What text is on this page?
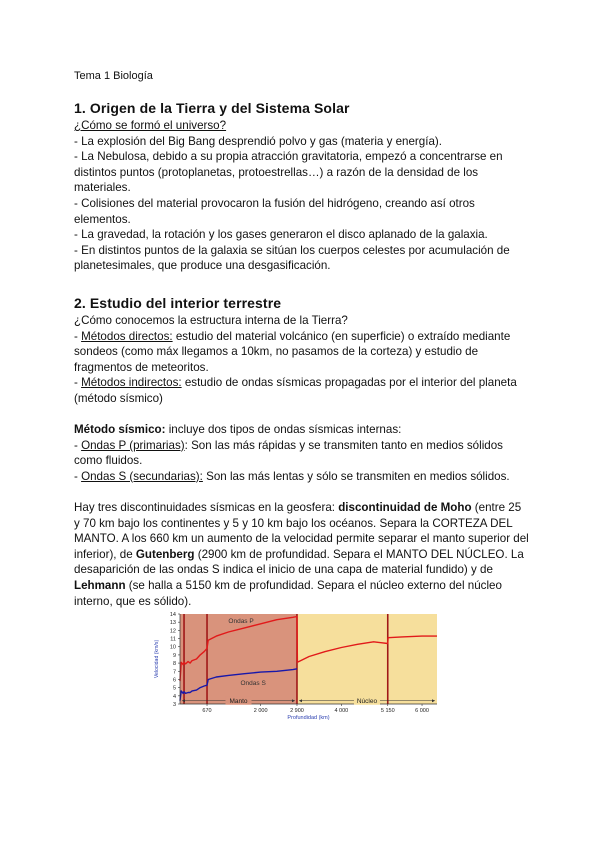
Tema 1 Biología
1. Origen de la Tierra y del Sistema Solar

¿Cómo se formó el universo?

- La explosión del Big Bang desprendió polvo y gas (materia y energía).

- La Nebulosa, debido a su propia atracción gravitatoria, empezó a concentrarse en distintos puntos (protoplanetas, protoestrellas…) a razón de la densidad de los materiales.

- Colisiones del material provocaron la fusión del hidrógeno, creando así otros elementos.

- La gravedad, la rotación y los gases generaron el disco aplanado de la galaxia.

- En distintos puntos de la galaxia se sitúan los cuerpos celestes por acumulación de planetesimales, que produce una desgasificación.

2. Estudio del interior terrestre

¿Cómo conocemos la estructura interna de la Tierra?

- Métodos directos: estudio del material volcánico (en superficie) o extraído mediante sondeos (como máx llegamos a 10km, no pasamos de la corteza) y estudio de fragmentos de meteoritos.

- Métodos indirectos: estudio de ondas sísmicas propagadas por el interior del planeta (método sísmico)

Método sísmico: incluye dos tipos de ondas sísmicas internas:

- Ondas P (primarias): Son las más rápidas y se transmiten tanto en medios sólidos como fluidos.

- Ondas S (secundarias): Son las más lentas y sólo se transmiten en medios sólidos.

Hay tres discontinuidades sísmicas en la geosfera: discontinuidad de Moho (entre 25 y 70 km bajo los continentes y 5 y 10 km bajo los océanos. Separa la CORTEZA DEL MANTO. A los 660 km un aumento de la velocidad permite separar el manto superior del inferior), de Gutenberg (2900 km de profundidad. Separa el MANTO DEL NÚCLEO. La desaparición de las ondas S indica el inicio de una capa de material fundido) y de Lehmann (se halla a 5150 km de profundidad. Separa el núcleo externo del núcleo interno, que es sólido).

3
4
5
6
7
8
9
10
11
12
13
14
670	2 000	2 900	4 000	5 150	6 000
Ondas P
Ondas S
Manto	Núcleo
Profundidad (km)
Velocidad (km/s)
